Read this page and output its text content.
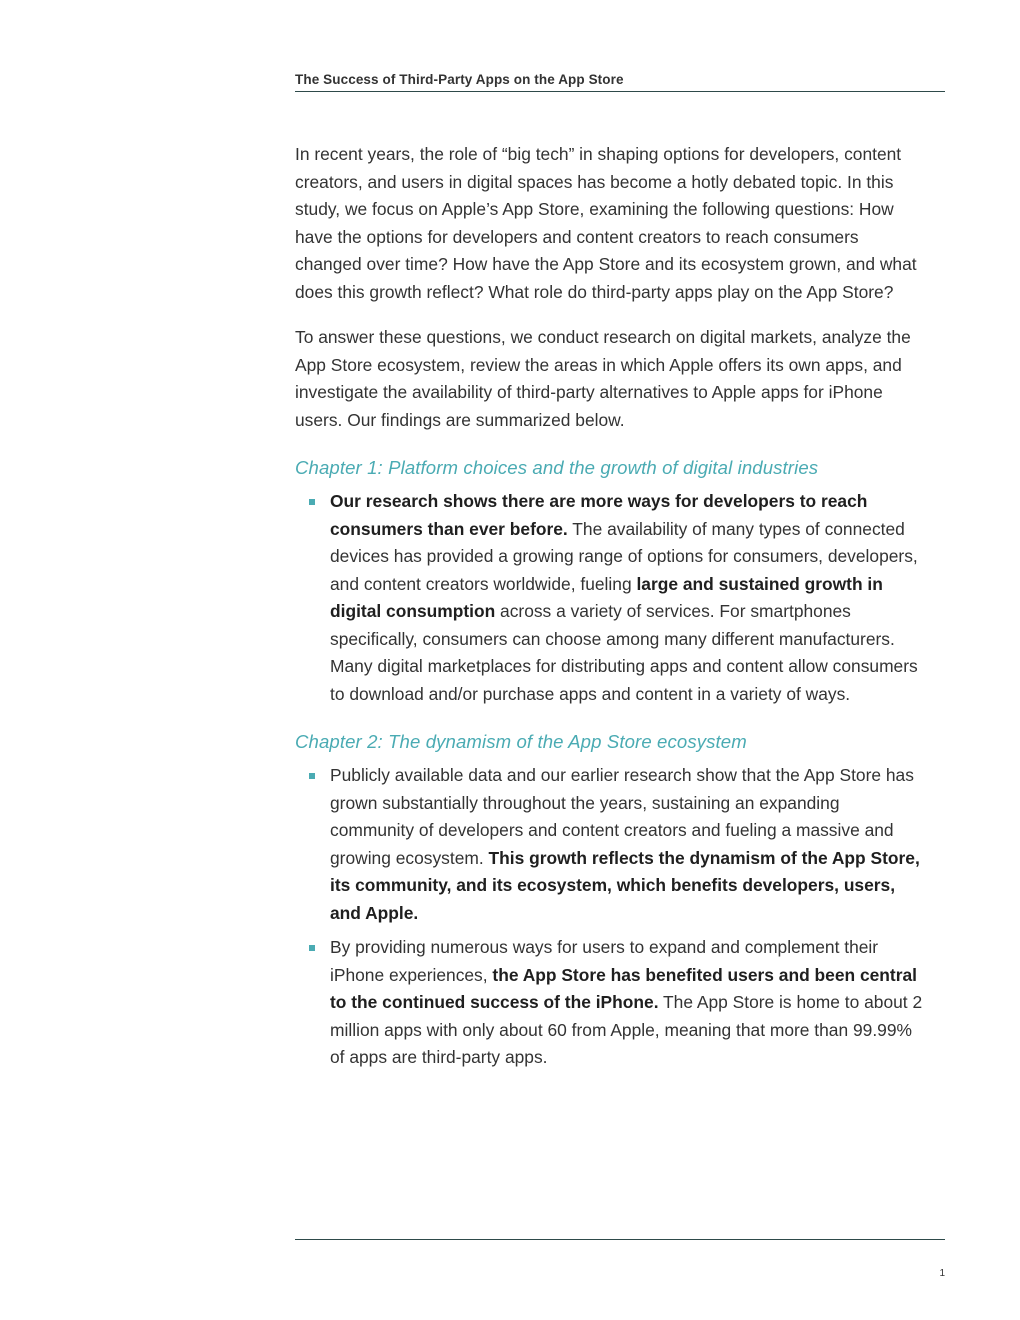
The Success of Third-Party Apps on the App Store

In recent years, the role of “big tech” in shaping options for developers, content creators, and users in digital spaces has become a hotly debated topic. In this study, we focus on Apple’s App Store, examining the following questions: How have the options for developers and content creators to reach consumers changed over time? How have the App Store and its ecosystem grown, and what does this growth reflect? What role do third-party apps play on the App Store?

To answer these questions, we conduct research on digital markets, analyze the App Store ecosystem, review the areas in which Apple offers its own apps, and investigate the availability of third-party alternatives to Apple apps for iPhone users. Our findings are summarized below.

Chapter 1: Platform choices and the growth of digital industries
Our research shows there are more ways for developers to reach consumers than ever before. The availability of many types of connected devices has provided a growing range of options for consumers, developers, and content creators worldwide, fueling large and sustained growth in digital consumption across a variety of services. For smartphones specifically, consumers can choose among many different manufacturers. Many digital marketplaces for distributing apps and content allow consumers to download and/or purchase apps and content in a variety of ways.
Chapter 2: The dynamism of the App Store ecosystem
Publicly available data and our earlier research show that the App Store has grown substantially throughout the years, sustaining an expanding community of developers and content creators and fueling a massive and growing ecosystem. This growth reflects the dynamism of the App Store, its community, and its ecosystem, which benefits developers, users, and Apple.
By providing numerous ways for users to expand and complement their iPhone experiences, the App Store has benefited users and been central to the continued success of the iPhone. The App Store is home to about 2 million apps with only about 60 from Apple, meaning that more than 99.99% of apps are third-party apps.
1
